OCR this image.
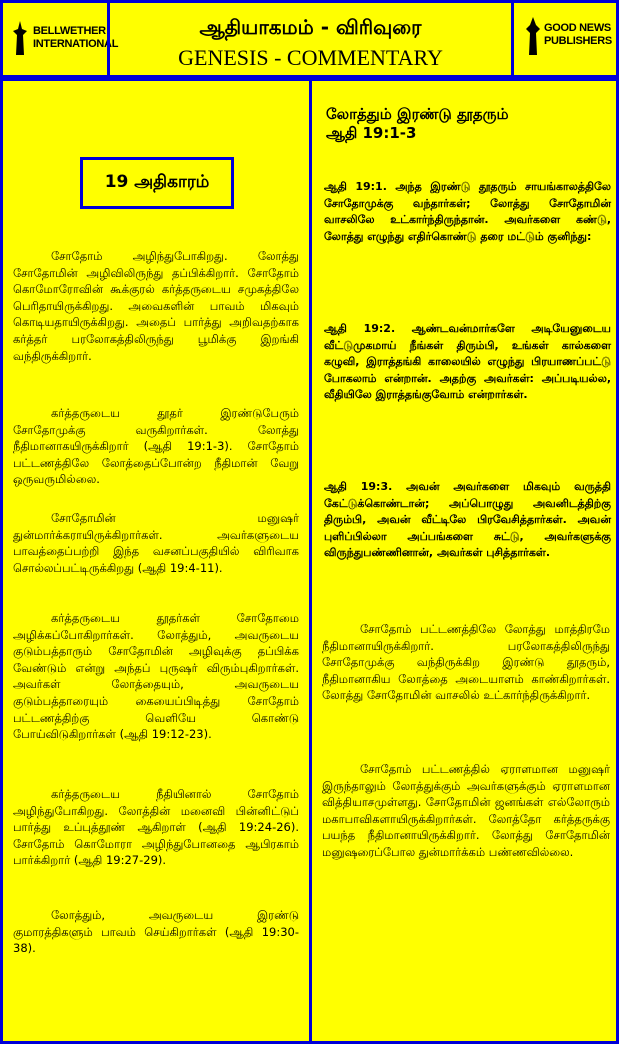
BELLWETHER INTERNATIONAL
ஆதியாகமம் - விரிவுரை
GENESIS - COMMENTARY
GOOD NEWS PUBLISHERS
19 அதிகாரம்

சோதோம் அழிந்துபோகிறது. லோத்து சோதோமின் அழிவிலிருந்து தப்பிக்கிறார். சோதோம் கொமோரோவின் கூக்குரல் கர்த்தருடைய சமுகத்திலே பெரிதாயிருக்கிறது. அவைகளின் பாவம் மிகவும் கொடியதாயிருக்கிறது. அதைப் பார்த்து அறிவதற்காக கர்த்தர் பரலோகத்திலிருந்து பூமிக்கு இறங்கி வந்திருக்கிறார்.

கர்த்தருடைய தூதர் இரண்டுபேரும் சோதோமுக்கு வருகிறார்கள். லோத்து நீதிமானாகயிருக்கிறார் (ஆதி 19:1-3). சோதோம் பட்டணத்திலே லோத்தைப்போன்ற நீதிமான் வேறு ஒருவருமில்லை.

சோதோமின் மனுஷர் துன்மார்க்கராயிருக்கிறார்கள். அவர்களுடைய பாவத்தைப்பற்றி இந்த வசனப்பகுதியில் விரிவாக சொல்லப்பட்டிருக்கிறது (ஆதி 19:4-11).

கர்த்தருடைய தூதர்கள் சோதோமை அழிக்கப்போகிறார்கள். லோத்தும், அவருடைய குடும்பத்தாரும் சோதோமின் அழிவுக்கு தப்பிக்க வேண்டும் என்று அந்தப் புருஷர் விரும்புகிறார்கள். அவர்கள் லோத்தையும், அவருடைய குடும்பத்தாரையும் கையைப்பிடித்து சோதோம் பட்டணத்திற்கு வெளியே கொண்டு போய்விடுகிறார்கள் (ஆதி 19:12-23).

கர்த்தருடைய நீதியினால் சோதோம் அழிந்துபோகிறது. லோத்தின் மனைவி பின்னிட்டுப் பார்த்து உப்புத்தூண் ஆகிறாள் (ஆதி 19:24-26). சோதோம் கொமோரா அழிந்துபோனதை ஆபிரகாம் பார்க்கிறார் (ஆதி 19:27-29).

லோத்தும், அவருடைய இரண்டு குமாரத்திகளும் பாவம் செய்கிறார்கள் (ஆதி 19:30-38).

லோத்தும் இரண்டு தூதரும்
ஆதி 19:1-3

ஆதி 19:1. அந்த இரண்டு தூதரும் சாயங்காலத்திலே சோதோமுக்கு வந்தார்கள்; லோத்து சோதோமின் வாசலிலே உட்கார்ந்திருந்தான். அவர்களை கண்டு, லோத்து எழுந்து எதிர்கொண்டு தரை மட்டும் குனிந்து:

ஆதி 19:2. ஆண்டவன்மார்களே அடியேனுடைய வீட்டுமுகமாய் நீங்கள் திரும்பி, உங்கள் கால்களை கழுவி, இராத்தங்கி காலையில் எழுந்து பிரயாணப்பட்டு போகலாம் என்றான். அதற்கு அவர்கள்: அப்படியல்ல, வீதியிலே இராத்தங்குவோம் என்றார்கள்.

ஆதி 19:3. அவன் அவர்களை மிகவும் வருத்தி கேட்டுக்கொண்டான்; அப்பொழுது அவனிடத்திற்கு திரும்பி, அவன் வீட்டிலே பிரவேசித்தார்கள். அவன் புளிப்பில்லா அப்பங்களை சுட்டு, அவர்களுக்கு விருந்துபண்ணினான், அவர்கள் புசித்தார்கள்.

சோதோம் பட்டணத்திலே லோத்து மாத்திரமே நீதிமானாயிருக்கிறார். பரலோகத்திலிருந்து சோதோமுக்கு வந்திருக்கிற இரண்டு தூதரும், நீதிமானாகிய லோத்தை அடையாளம் காண்கிறார்கள். லோத்து சோதோமின் வாசலில் உட்கார்ந்திருக்கிறார்.

சோதோம் பட்டணத்தில் ஏராளமான மனுஷர் இருந்தாலும் லோத்துக்கும் அவர்களுக்கும் ஏராளமான வித்தியாசமுள்ளது. சோதோமின் ஜனங்கள் எல்லோரும் மகாபாவிகளாயிருக்கிறார்கள். லோத்தோ கர்த்தருக்கு பயந்த நீதிமானாயிருக்கிறார். லோத்து சோதோமின் மனுஷரைப்போல துன்மார்க்கம் பண்ணவில்லை.
